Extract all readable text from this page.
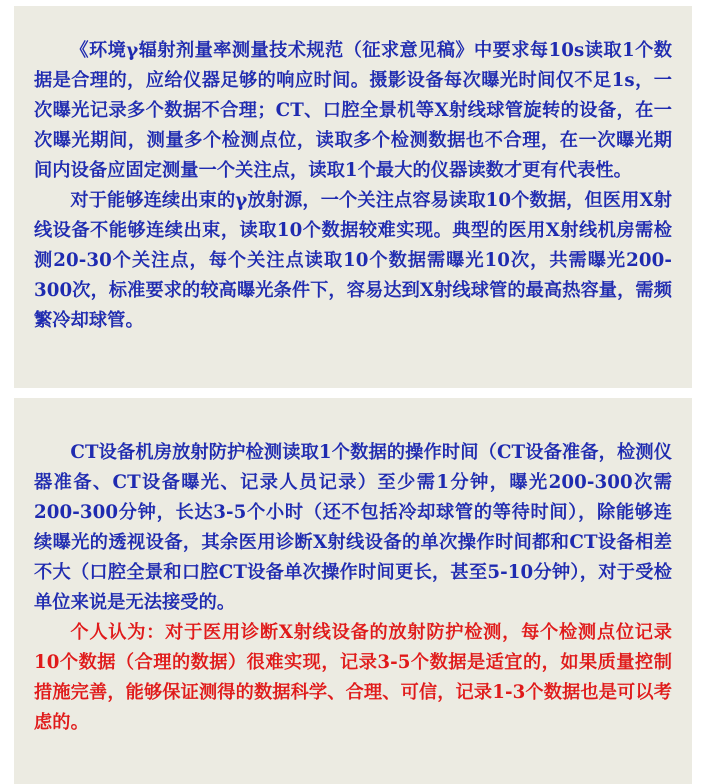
《环境γ辐射剂量率测量技术规范（征求意见稿》中要求每10s读取1个数据是合理的，应给仪器足够的响应时间。摄影设备每次曝光时间仅不足1s，一次曝光记录多个数据不合理；CT、口腔全景机等X射线球管旋转的设备，在一次曝光期间，测量多个检测点位，读取多个检测数据也不合理，在一次曝光期间内设备应固定测量一个关注点，读取1个最大的仪器读数才更有代表性。

对于能够连续出束的γ放射源，一个关注点容易读取10个数据，但医用X射线设备不能够连续出束，读取10个数据较难实现。典型的医用X射线机房需检测20-30个关注点，每个关注点读取10个数据需曝光10次，共需曝光200-300次，标准要求的较高曝光条件下，容易达到X射线球管的最高热容量，需频繁冷却球管。

CT设备机房放射防护检测读取1个数据的操作时间（CT设备准备，检测仪器准备、CT设备曝光、记录人员记录）至少需1分钟，曝光200-300次需200-300分钟，长达3-5个小时（还不包括冷却球管的等待时间），除能够连续曝光的透视设备，其余医用诊断X射线设备的单次操作时间都和CT设备相差不大（口腔全景和口腔CT设备单次操作时间更长，甚至5-10分钟），对于受检单位来说是无法接受的。

个人认为：对于医用诊断X射线设备的放射防护检测，每个检测点位记录10个数据（合理的数据）很难实现，记录3-5个数据是适宜的，如果质量控制措施完善，能够保证测得的数据科学、合理、可信，记录1-3个数据也是可以考虑的。
